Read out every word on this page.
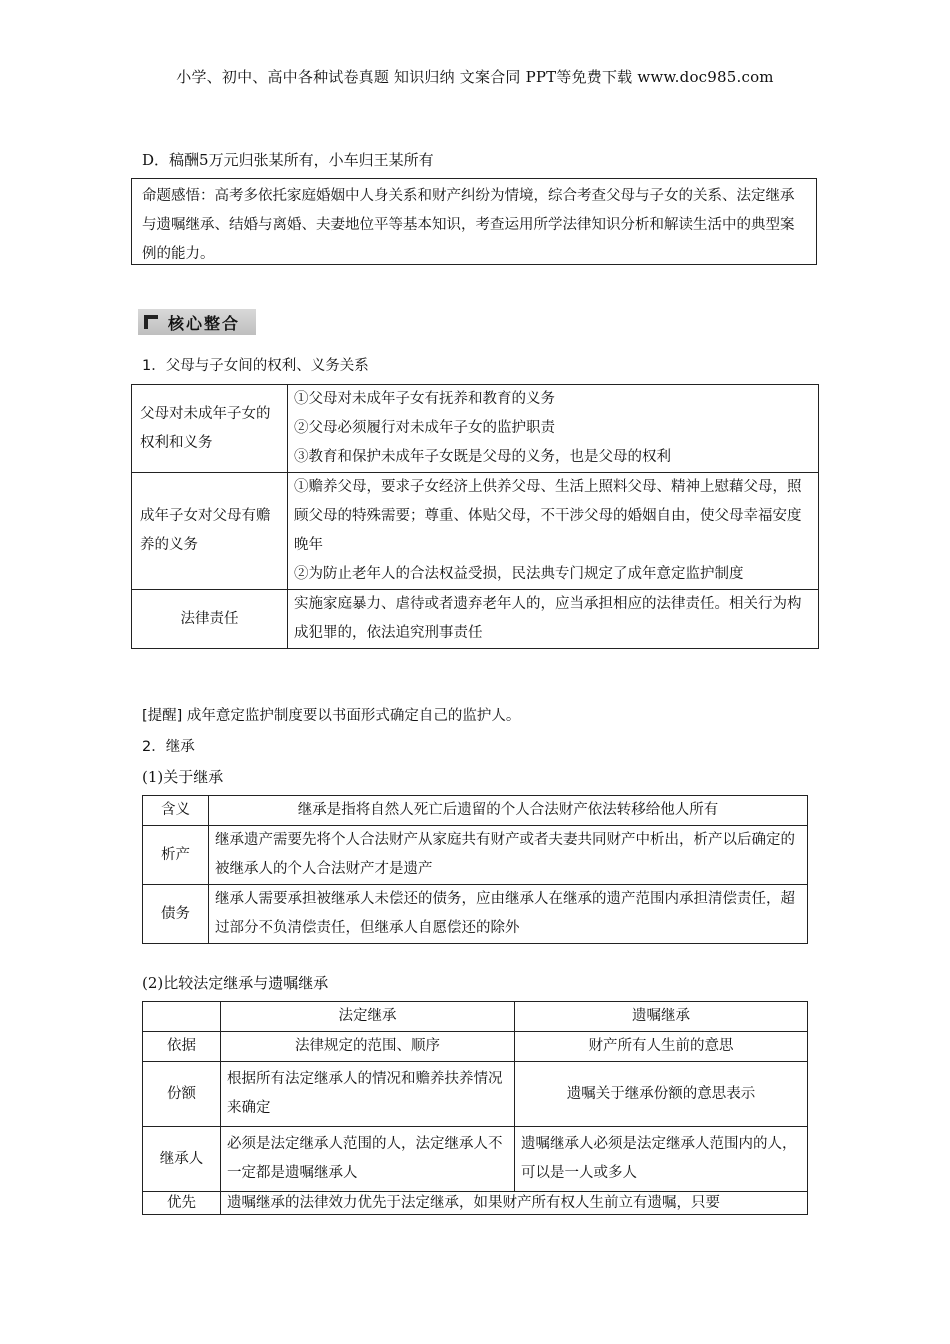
小学、初中、高中各种试卷真题 知识归纳 文案合同 PPT等免费下载 www.doc985.com
D．稿酬5万元归张某所有，小车归王某所有
命题感悟：高考多依托家庭婚姻中人身关系和财产纠纷为情境，综合考查父母与子女的关系、法定继承与遗嘱继承、结婚与离婚、夫妻地位平等基本知识，考查运用所学法律知识分析和解读生活中的典型案例的能力。
核心整合
1．父母与子女间的权利、义务关系
父母对未成年子女的权利和义务	①父母对未成年子女有抚养和教育的义务
②父母必须履行对未成年子女的监护职责
③教育和保护未成年子女既是父母的义务，也是父母的权利

成年子女对父母有赡养的义务	①赡养父母，要求子女经济上供养父母、生活上照料父母、精神上慰藉父母，照顾父母的特殊需要；尊重、体贴父母，不干涉父母的婚姻自由，使父母幸福安度晚年
②为防止老年人的合法权益受损，民法典专门规定了成年意定监护制度

法律责任	实施家庭暴力、虐待或者遗弃老年人的，应当承担相应的法律责任。相关行为构成犯罪的，依法追究刑事责任
[提醒] 成年意定监护制度要以书面形式确定自己的监护人。
2．继承
(1)关于继承
含义	继承是指将自然人死亡后遗留的个人合法财产依法转移给他人所有
析产	继承遗产需要先将个人合法财产从家庭共有财产或者夫妻共同财产中析出，析产以后确定的被继承人的个人合法财产才是遗产
债务	继承人需要承担被继承人未偿还的债务，应由继承人在继承的遗产范围内承担清偿责任，超过部分不负清偿责任，但继承人自愿偿还的除外
(2)比较法定继承与遗嘱继承
	法定继承	遗嘱继承
依据	法律规定的范围、顺序	财产所有人生前的意思
份额	根据所有法定继承人的情况和赡养扶养情况来确定	遗嘱关于继承份额的意思表示
继承人	必须是法定继承人范围的人，法定继承人不一定都是遗嘱继承人	遗嘱继承人必须是法定继承人范围内的人，可以是一人或多人
优先	遗嘱继承的法律效力优先于法定继承，如果财产所有权人生前立有遗嘱，只要	
